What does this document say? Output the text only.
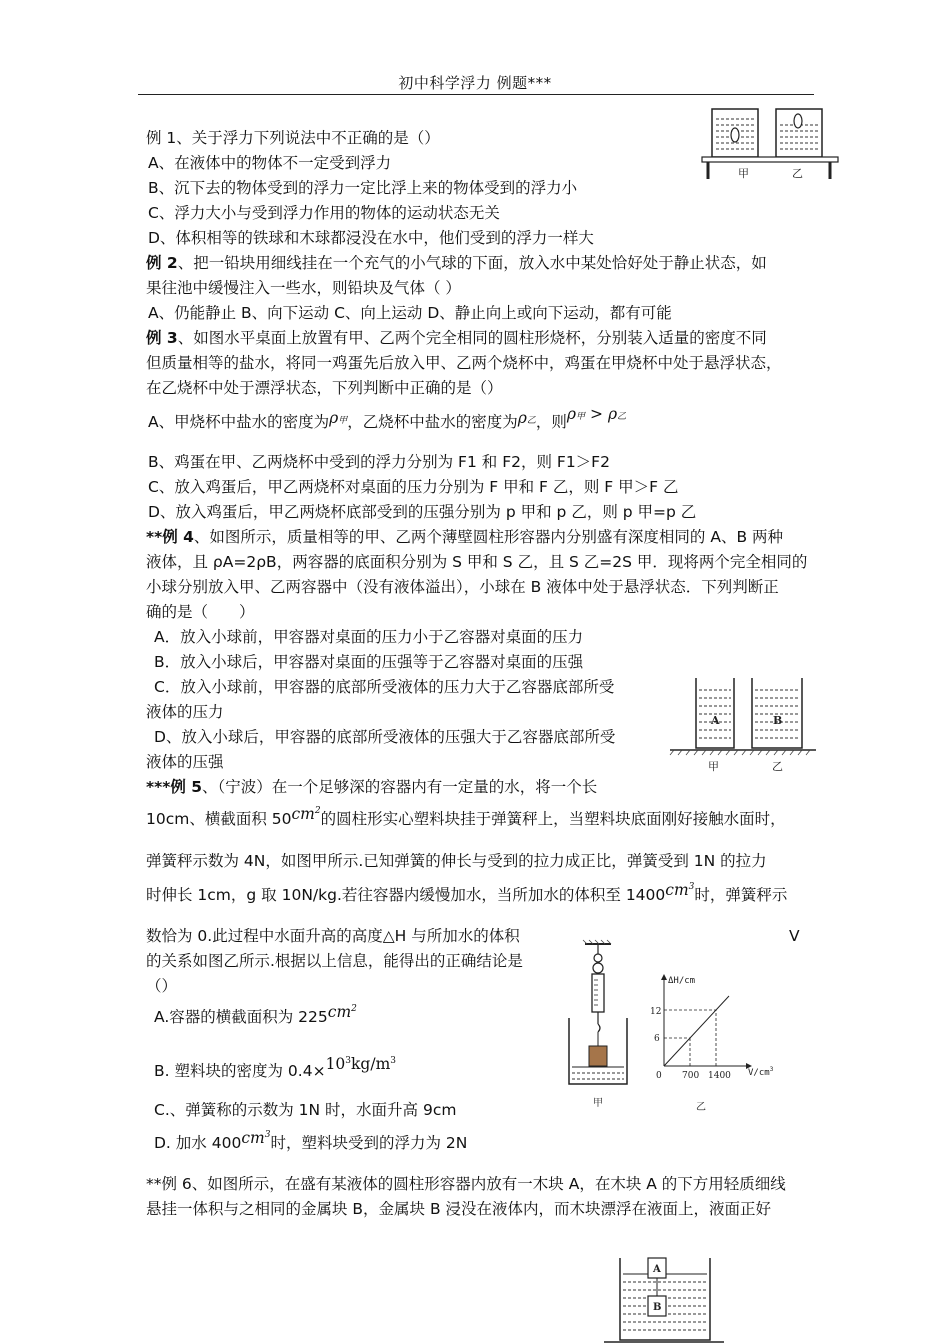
初中科学浮力 例题***
例 1、关于浮力下列说法中不正确的是（）
A、在液体中的物体不一定受到浮力
B、沉下去的物体受到的浮力一定比浮上来的物体受到的浮力小
C、浮力大小与受到浮力作用的物体的运动状态无关
D、体积相等的铁球和木球都浸没在水中，他们受到的浮力一样大
例 2、把一铅块用细线挂在一个充气的小气球的下面，放入水中某处恰好处于静止状态，如
果往池中缓慢注入一些水，则铅块及气体（ ）
A、仍能静止 B、向下运动 C、向上运动 D、静止向上或向下运动，都有可能
例 3、如图水平桌面上放置有甲、乙两个完全相同的圆柱形烧杯，分别装入适量的密度不同
但质量相等的盐水，将同一鸡蛋先后放入甲、乙两个烧杯中，鸡蛋在甲烧杯中处于悬浮状态，
在乙烧杯中处于漂浮状态，下列判断中正确的是（）
A、甲烧杯中盐水的密度为ρ甲，乙烧杯中盐水的密度为ρ乙，则ρ甲 > ρ乙
B、鸡蛋在甲、乙两烧杯中受到的浮力分别为 F1 和 F2，则 F1＞F2
C、放入鸡蛋后，甲乙两烧杯对桌面的压力分别为 F 甲和 F 乙，则 F 甲＞F 乙
D、放入鸡蛋后，甲乙两烧杯底部受到的压强分别为 p 甲和 p 乙，则 p 甲=p 乙
**例 4、如图所示，质量相等的甲、乙两个薄壁圆柱形容器内分别盛有深度相同的 A、B 两种
液体，且 ρA=2ρB，两容器的底面积分别为 S 甲和 S 乙，且 S 乙=2S 甲．现将两个完全相同的
小球分别放入甲、乙两容器中（没有液体溢出），小球在 B 液体中处于悬浮状态．下列判断正
确的是（　　）
A．放入小球前，甲容器对桌面的压力小于乙容器对桌面的压力
B．放入小球后，甲容器对桌面的压强等于乙容器对桌面的压强
C．放入小球前，甲容器的底部所受液体的压力大于乙容器底部所受
液体的压力
D、放入小球后，甲容器的底部所受液体的压强大于乙容器底部所受
液体的压强
***例 5、（宁波）在一个足够深的容器内有一定量的水，将一个长
10cm、横截面积 $50cm^2$的圆柱形实心塑料块挂于弹簧秤上，当塑料块底面刚好接触水面时，
弹簧秤示数为 4N，如图甲所示.已知弹簧的伸长与受到的拉力成正比，弹簧受到 1N 的拉力
时伸长 1cm，g 取 10N/kg.若往容器内缓慢加水，当所加水的体积至 $1400cm^3$时，弹簧秤示
数恰为 0.此过程中水面升高的高度△H 与所加水的体积	V
的关系如图乙所示.根据以上信息，能得出的正确结论是
（）
A.容器的横截面积为 $225cm^2$
B. 塑料块的密度为 $0.4\times 10^3kg/m^3$
C.、弹簧称的示数为 1N 时，水面升高 9cm
D. 加水 $400cm^3$时，塑料块受到的浮力为 2N
**例 6、如图所示，在盛有某液体的圆柱形容器内放有一木块 A，在木块 A 的下方用轻质细线
悬挂一体积与之相同的金属块 B，金属块 B 浸没在液体内，而木块漂浮在液面上，液面正好
甲	乙
A	B
甲	乙
甲
ΔH/cm
$V/cm^3$
12
6
0 700 1400
乙
A
B
